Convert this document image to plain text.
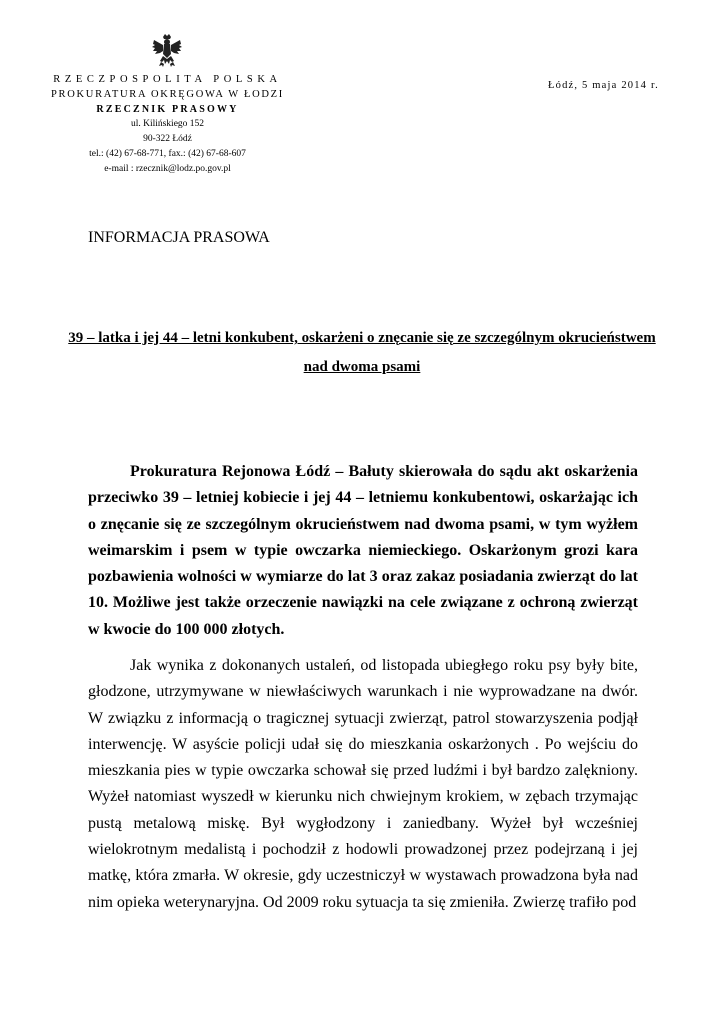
RZECZPOSPOLITA POLSKA
PROKURATURA OKRĘGOWA W ŁODZI
RZECZNIK PRASOWY
ul. Kilińskiego 152
90-322 Łódź
tel.: (42) 67-68-771, fax.: (42) 67-68-607
e-mail : rzecznik@lodz.po.gov.pl
Łódź, 5 maja 2014 r.
INFORMACJA PRASOWA
39 – latka i jej 44 – letni konkubent, oskarżeni o znęcanie się ze szczególnym okrucieństwem nad dwoma psami

Prokuratura Rejonowa Łódź – Bałuty skierowała do sądu akt oskarżenia przeciwko 39 – letniej kobiecie i jej 44 – letniemu konkubentowi, oskarżając ich o znęcanie się ze szczególnym okrucieństwem nad dwoma psami, w tym wyżłem weimarskim i psem w typie owczarka niemieckiego. Oskarżonym grozi kara pozbawienia wolności w wymiarze do lat 3 oraz zakaz posiadania zwierząt do lat 10. Możliwe jest także orzeczenie nawiązki na cele związane z ochroną zwierząt w kwocie do 100 000 złotych.

Jak wynika z dokonanych ustaleń, od listopada ubiegłego roku psy były bite, głodzone, utrzymywane w niewłaściwych warunkach i nie wyprowadzane na dwór. W związku z informacją o tragicznej sytuacji zwierząt, patrol stowarzyszenia podjął interwencję. W asyście policji udał się do mieszkania oskarżonych . Po wejściu do mieszkania pies w typie owczarka schował się przed ludźmi i był bardzo zalękniony. Wyżeł natomiast wyszedł w kierunku nich chwiejnym krokiem, w zębach trzymając pustą metalową miskę. Był wygłodzony i zaniedbany. Wyżeł był wcześniej wielokrotnym medalistą i pochodził z hodowli prowadzonej przez podejrzaną i jej matkę, która zmarła. W okresie, gdy uczestniczył w wystawach prowadzona była nad nim opieka weterynaryjna. Od 2009 roku sytuacja ta się zmieniła. Zwierzę trafiło pod
